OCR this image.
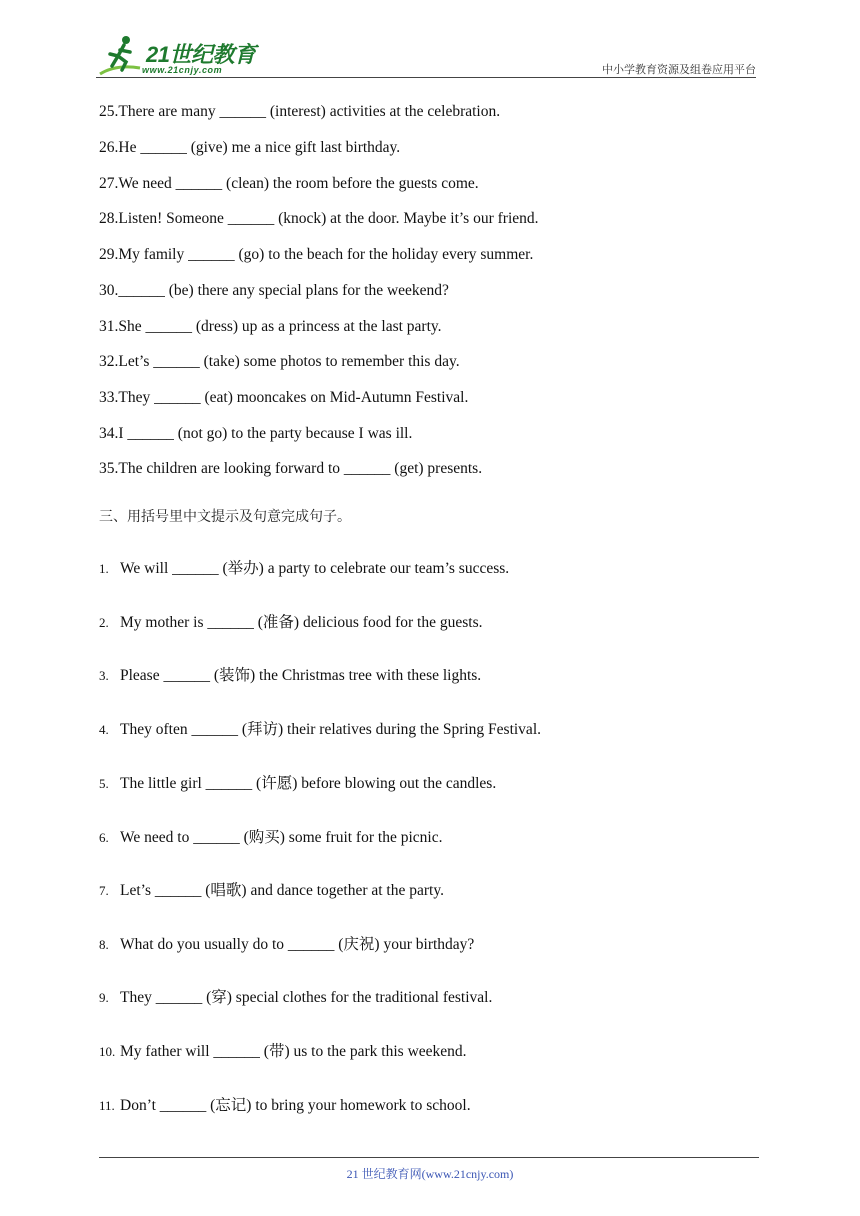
21世纪教育
www.21cnjy.com	中小学教育资源及组卷应用平台
25.There are many ______ (interest) activities at the celebration.
26.He ______ (give) me a nice gift last birthday.
27.We need ______ (clean) the room before the guests come.
28.Listen! Someone ______ (knock) at the door. Maybe it’s our friend.
29.My family ______ (go) to the beach for the holiday every summer.
30.______ (be) there any special plans for the weekend?
31.She ______ (dress) up as a princess at the last party.
32.Let’s ______ (take) some photos to remember this day.
33.They ______ (eat) mooncakes on Mid-Autumn Festival.
34.I ______ (not go) to the party because I was ill.
35.The children are looking forward to ______ (get) presents.
三、用括号里中文提示及句意完成句子。
1. We will ______ (举办) a party to celebrate our team’s success.
2. My mother is ______ (准备) delicious food for the guests.
3. Please ______ (装饰) the Christmas tree with these lights.
4. They often ______ (拜访) their relatives during the Spring Festival.
5. The little girl ______ (许愿) before blowing out the candles.
6. We need to ______ (购买) some fruit for the picnic.
7. Let’s ______ (唱歌) and dance together at the party.
8. What do you usually do to ______ (庆祝) your birthday?
9. They ______ (穿) special clothes for the traditional festival.
10. My father will ______ (带) us to the park this weekend.
11. Don’t ______ (忘记) to bring your homework to school.
21 世纪教育网(www.21cnjy.com)
